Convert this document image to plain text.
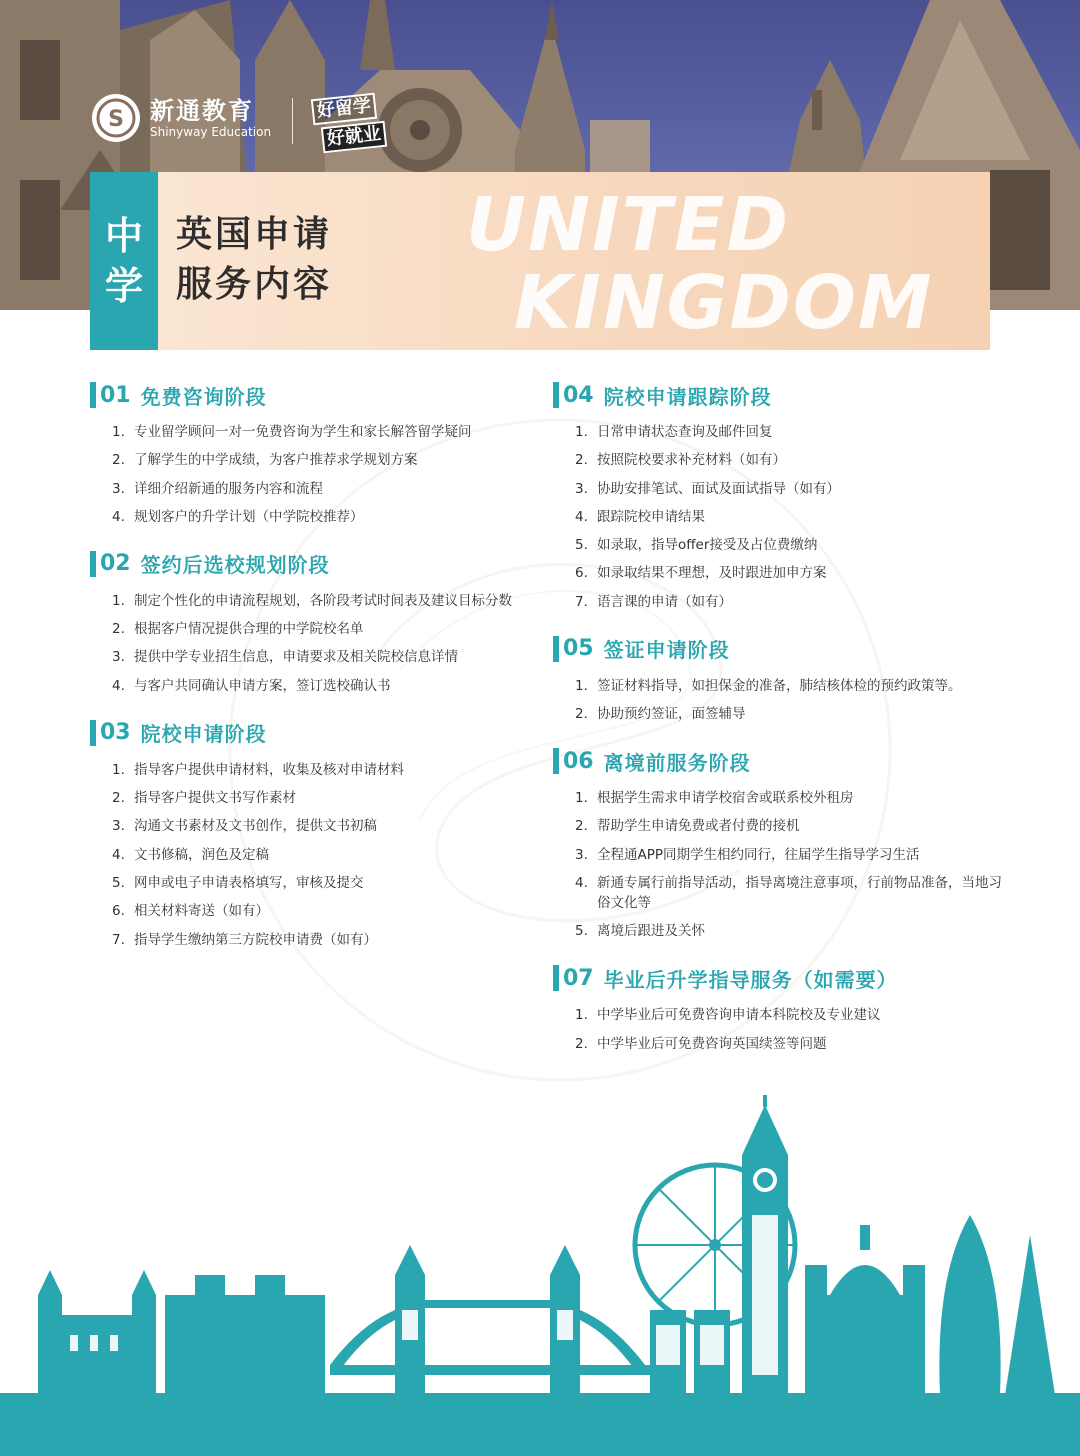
S 新通教育
Shinyway Education
好留学
好就业
中
学
英国申请
服务内容
UNITED
KINGDOM
01 免费咨询阶段
1. 专业留学顾问一对一免费咨询为学生和家长解答留学疑问
2. 了解学生的中学成绩，为客户推荐求学规划方案
3. 详细介绍新通的服务内容和流程
4. 规划客户的升学计划（中学院校推荐）
02 签约后选校规划阶段
1. 制定个性化的申请流程规划，各阶段考试时间表及建议目标分数
2. 根据客户情况提供合理的中学院校名单
3. 提供中学专业招生信息，申请要求及相关院校信息详情
4. 与客户共同确认申请方案，签订选校确认书
03 院校申请阶段
1. 指导客户提供申请材料，收集及核对申请材料
2. 指导客户提供文书写作素材
3. 沟通文书素材及文书创作，提供文书初稿
4. 文书修稿，润色及定稿
5. 网申或电子申请表格填写，审核及提交
6. 相关材料寄送（如有）
7. 指导学生缴纳第三方院校申请费（如有）
04 院校申请跟踪阶段
1. 日常申请状态查询及邮件回复
2. 按照院校要求补充材料（如有）
3. 协助安排笔试、面试及面试指导（如有）
4. 跟踪院校申请结果
5. 如录取，指导offer接受及占位费缴纳
6. 如录取结果不理想，及时跟进加申方案
7. 语言课的申请（如有）
05 签证申请阶段
1. 签证材料指导，如担保金的准备，肺结核体检的预约政策等。
2. 协助预约签证，面签辅导
06 离境前服务阶段
1. 根据学生需求申请学校宿舍或联系校外租房
2. 帮助学生申请免费或者付费的接机
3. 全程通APP同期学生相约同行，往届学生指导学习生活
4. 新通专属行前指导活动，指导离境注意事项，行前物品准备，当地习俗文化等
5. 离境后跟进及关怀
07 毕业后升学指导服务（如需要）
1. 中学毕业后可免费咨询申请本科院校及专业建议
2. 中学毕业后可免费咨询英国续签等问题
